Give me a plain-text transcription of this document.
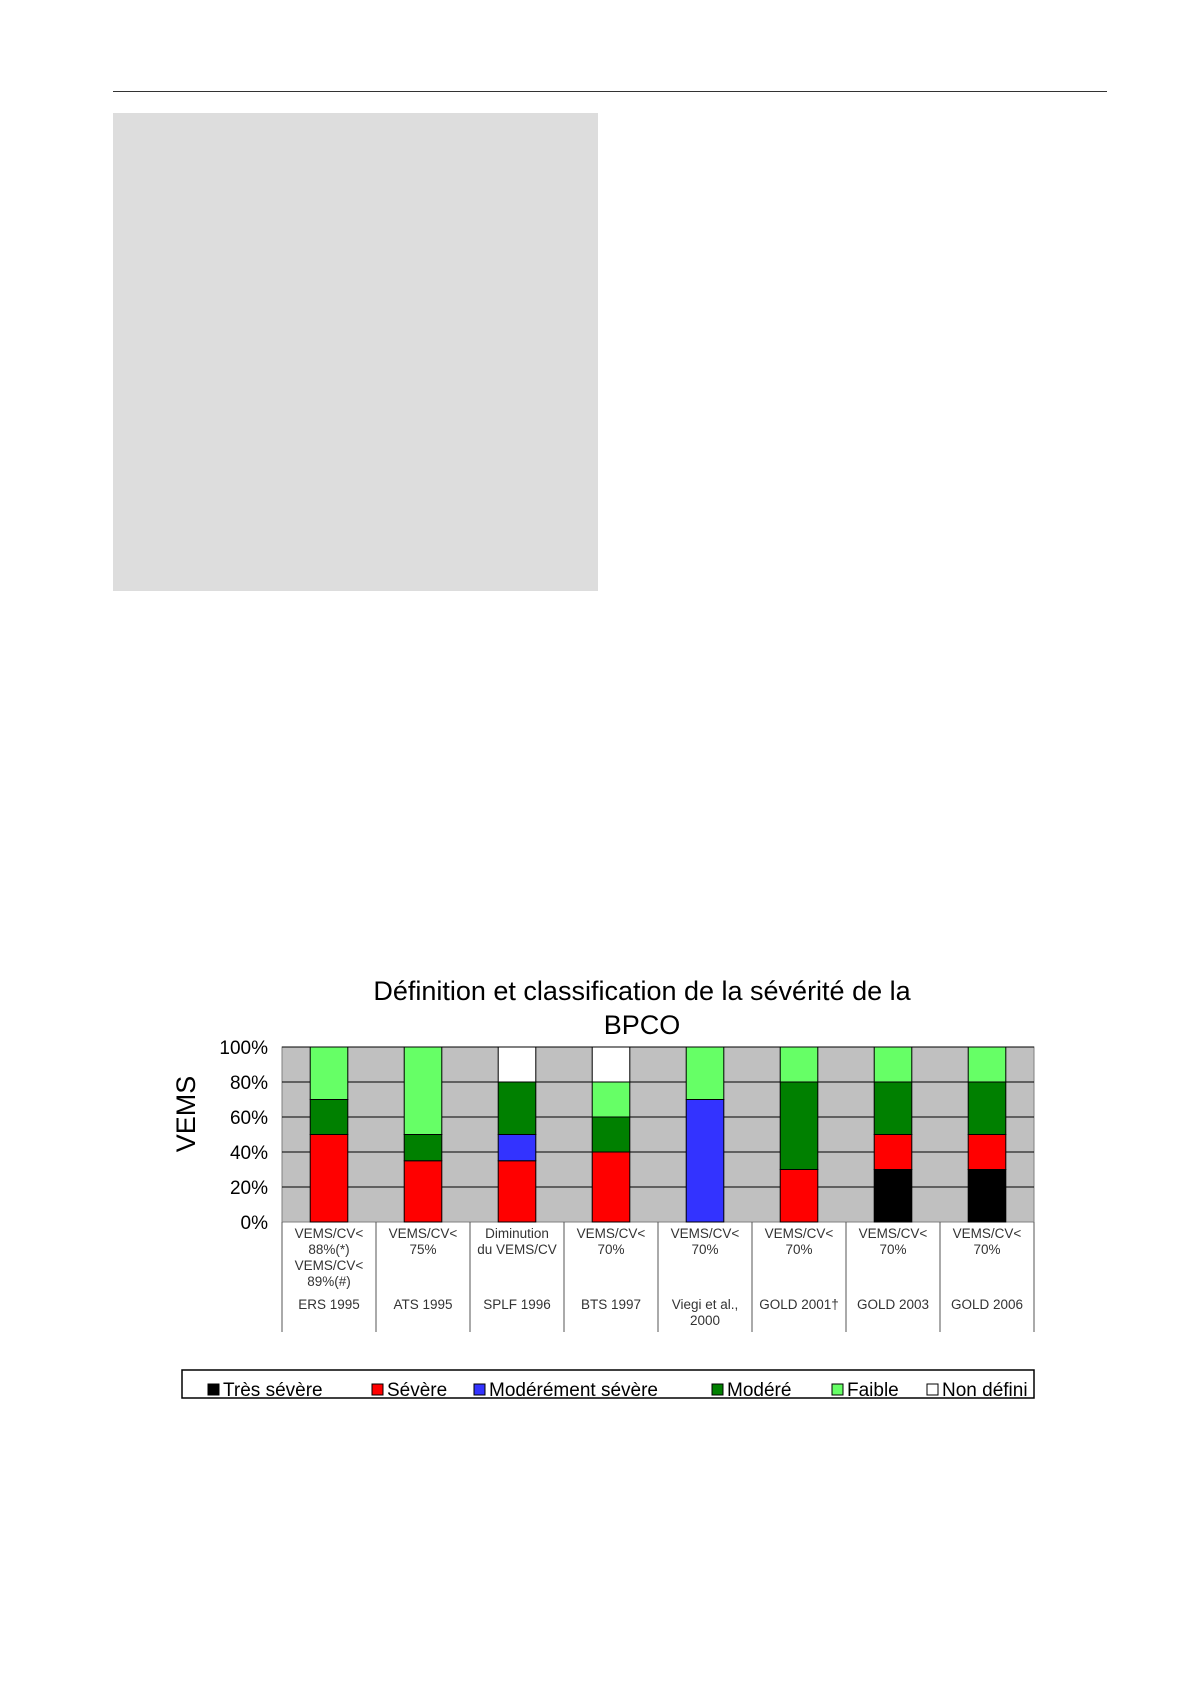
Définition et classification de la sévérité de la
BPCO
VEMS
0%
20%
40%
60%
80%
100%
VEMS/CV<
88%(*)
VEMS/CV<
89%(#)
ERS 1995
VEMS/CV<
75%
ATS 1995
Diminution
du VEMS/CV
SPLF 1996
VEMS/CV<
70%
BTS 1997
VEMS/CV<
70%
Viegi et al.,
2000
VEMS/CV<
70%
GOLD 2001†
VEMS/CV<
70%
GOLD 2003
VEMS/CV<
70%
GOLD 2006
Très sévère	Sévère Modérément sévère	Modéré	Faible Non défini
